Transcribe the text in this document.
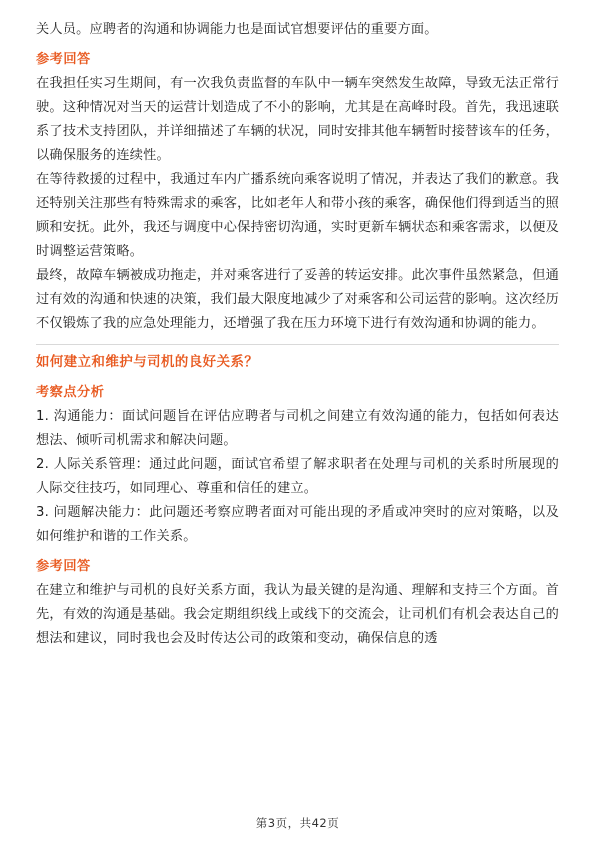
关人员。应聘者的沟通和协调能力也是面试官想要评估的重要方面。

参考回答

在我担任实习生期间，有一次我负责监督的车队中一辆车突然发生故障，导致无法正常行驶。这种情况对当天的运营计划造成了不小的影响，尤其是在高峰时段。首先，我迅速联系了技术支持团队，并详细描述了车辆的状况，同时安排其他车辆暂时接替该车的任务，以确保服务的连续性。

在等待救援的过程中，我通过车内广播系统向乘客说明了情况，并表达了我们的歉意。我还特别关注那些有特殊需求的乘客，比如老年人和带小孩的乘客，确保他们得到适当的照顾和安抚。此外，我还与调度中心保持密切沟通，实时更新车辆状态和乘客需求，以便及时调整运营策略。

最终，故障车辆被成功拖走，并对乘客进行了妥善的转运安排。此次事件虽然紧急，但通过有效的沟通和快速的决策，我们最大限度地减少了对乘客和公司运营的影响。这次经历不仅锻炼了我的应急处理能力，还增强了我在压力环境下进行有效沟通和协调的能力。

如何建立和维护与司机的良好关系？
考察点分析

1. 沟通能力：面试问题旨在评估应聘者与司机之间建立有效沟通的能力，包括如何表达想法、倾听司机需求和解决问题。

2. 人际关系管理：通过此问题，面试官希望了解求职者在处理与司机的关系时所展现的人际交往技巧，如同理心、尊重和信任的建立。

3. 问题解决能力：此问题还考察应聘者面对可能出现的矛盾或冲突时的应对策略，以及如何维护和谐的工作关系。

参考回答

在建立和维护与司机的良好关系方面，我认为最关键的是沟通、理解和支持三个方面。首先，有效的沟通是基础。我会定期组织线上或线下的交流会，让司机们有机会表达自己的想法和建议，同时我也会及时传达公司的政策和变动，确保信息的透

第3页，共42页
